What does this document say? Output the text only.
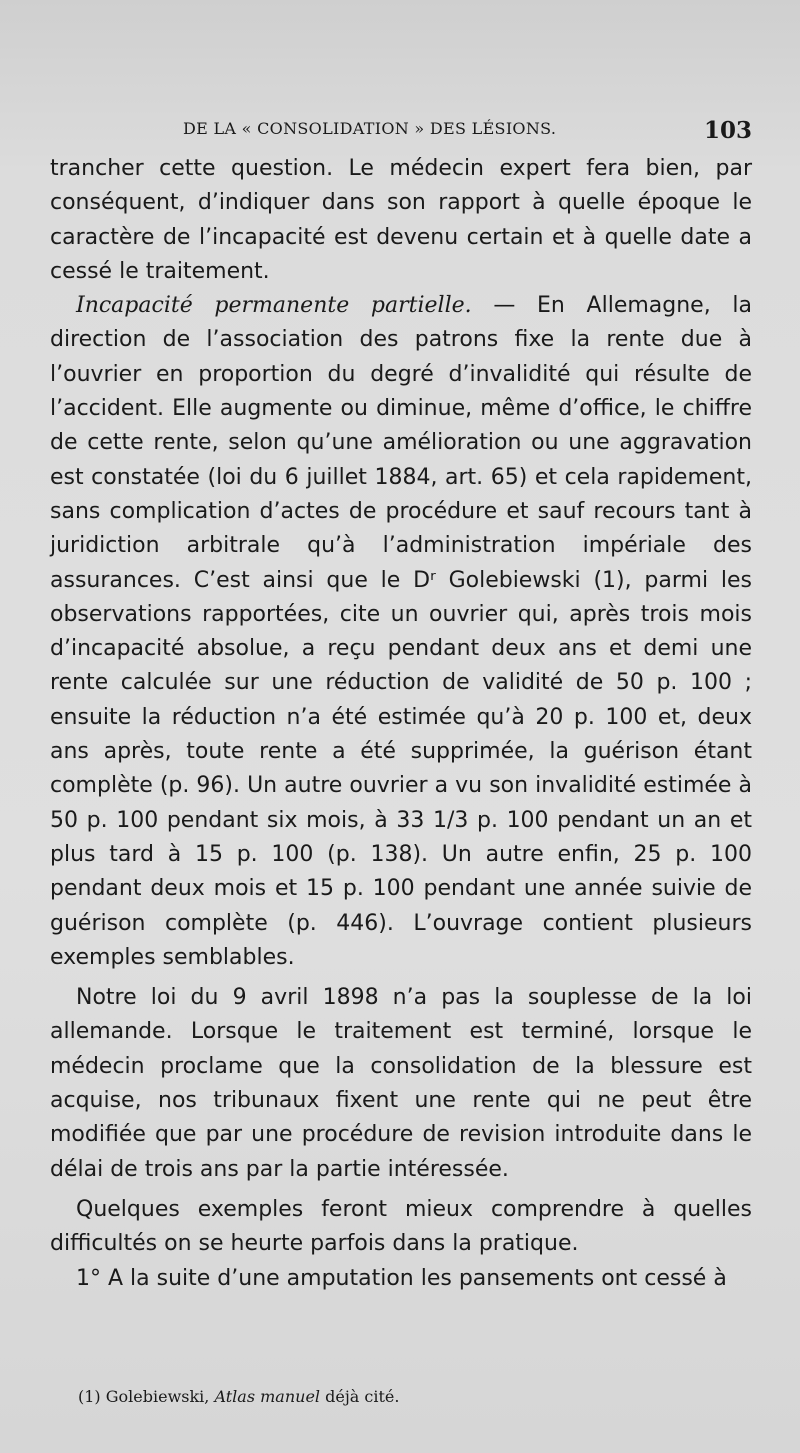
DE LA « CONSOLIDATION » DES LÉSIONS.	103

trancher cette question. Le médecin expert fera bien, par conséquent, d’indiquer dans son rapport à quelle époque le caractère de l’incapacité est devenu certain et à quelle date a cessé le traitement.

Incapacité permanente partielle. — En Allemagne, la direction de l’association des patrons fixe la rente due à l’ouvrier en proportion du degré d’invalidité qui résulte de l’accident. Elle augmente ou diminue, même d’office, le chiffre de cette rente, selon qu’une amélioration ou une aggravation est constatée (loi du 6 juillet 1884, art. 65) et cela rapidement, sans complication d’actes de procédure et sauf recours tant à juridiction arbitrale qu’à l’administration impériale des assurances. C’est ainsi que le Dʳ Golebiewski (1), parmi les observations rapportées, cite un ouvrier qui, après trois mois d’incapacité absolue, a reçu pendant deux ans et demi une rente calculée sur une réduction de validité de 50 p. 100 ; ensuite la réduction n’a été estimée qu’à 20 p. 100 et, deux ans après, toute rente a été supprimée, la guérison étant complète (p. 96). Un autre ouvrier a vu son invalidité estimée à 50 p. 100 pendant six mois, à 33 1/3 p. 100 pendant un an et plus tard à 15 p. 100 (p. 138). Un autre enfin, 25 p. 100 pendant deux mois et 15 p. 100 pendant une année suivie de guérison complète (p. 446). L’ouvrage contient plusieurs exemples semblables.

Notre loi du 9 avril 1898 n’a pas la souplesse de la loi allemande. Lorsque le traitement est terminé, lorsque le médecin proclame que la consolidation de la blessure est acquise, nos tribunaux fixent une rente qui ne peut être modifiée que par une procédure de revision introduite dans le délai de trois ans par la partie intéressée.

Quelques exemples feront mieux comprendre à quelles difficultés on se heurte parfois dans la pratique.

1° A la suite d’une amputation les pansements ont cessé à

(1) Golebiewski, Atlas manuel déjà cité.
